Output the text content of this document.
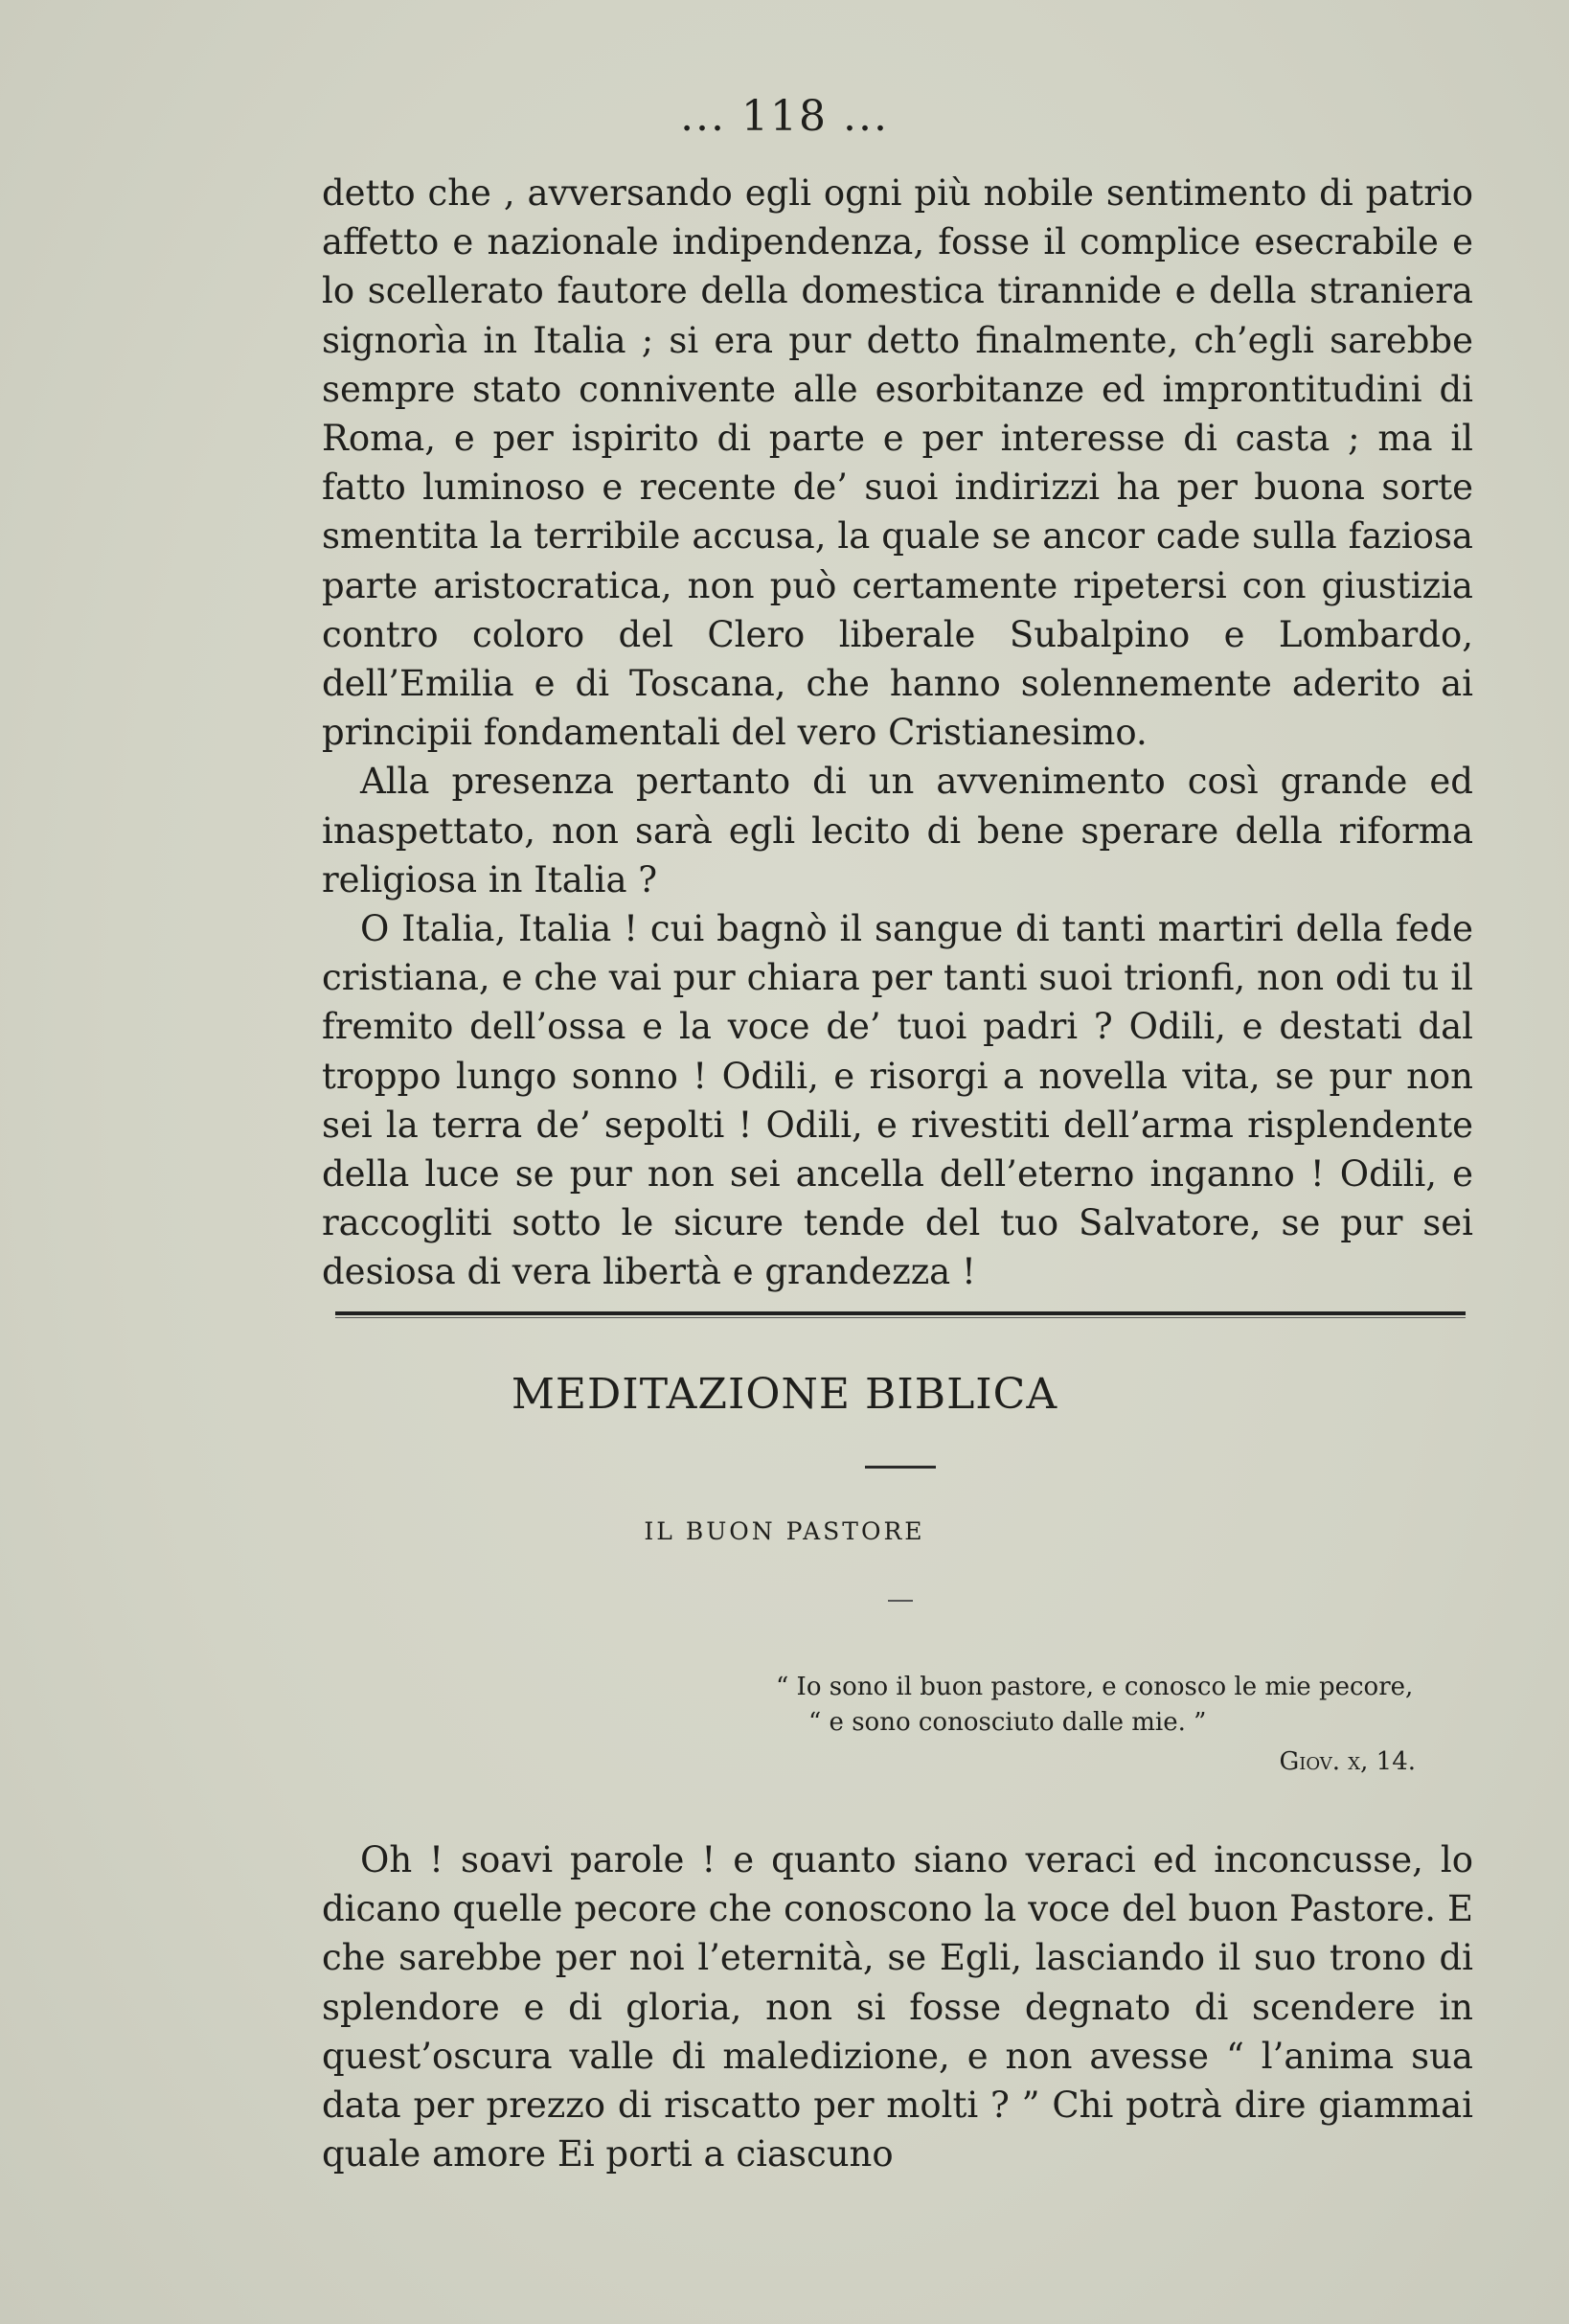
... 118 ...

detto che , avversando egli ogni più nobile sentimento di patrio affetto e nazionale indipendenza, fosse il complice esecrabile e lo scellerato fautore della domestica tirannide e della straniera signorìa in Italia ; si era pur detto finalmente, ch’egli sarebbe sempre stato connivente alle esorbitanze ed improntitudini di Roma, e per ispirito di parte e per interesse di casta ; ma il fatto luminoso e recente de’ suoi indirizzi ha per buona sorte smentita la terribile accusa, la quale se ancor cade sulla faziosa parte aristocratica, non può certamente ripetersi con giustizia contro coloro del Clero liberale Subalpino e Lombardo, dell’Emilia e di Toscana, che hanno solennemente aderito ai principii fondamentali del vero Cristianesimo.

Alla presenza pertanto di un avvenimento così grande ed inaspettato, non sarà egli lecito di bene sperare della riforma religiosa in Italia ?

O Italia, Italia ! cui bagnò il sangue di tanti martiri della fede cristiana, e che vai pur chiara per tanti suoi trionfi, non odi tu il fremito dell’ossa e la voce de’ tuoi padri ? Odili, e destati dal troppo lungo sonno ! Odili, e risorgi a novella vita, se pur non sei la terra de’ sepolti ! Odili, e rivestiti dell’arma risplendente della luce se pur non sei ancella dell’eterno inganno ! Odili, e raccogliti sotto le sicure tende del tuo Salvatore, se pur sei desiosa di vera libertà e grandezza !

MEDITAZIONE BIBLICA
IL BUON PASTORE
“ Io sono il buon pastore, e conosco le mie pecore,
“ e sono conosciuto dalle mie. ”
Giov. x, 14.

Oh ! soavi parole ! e quanto siano veraci ed inconcusse, lo dicano quelle pecore che conoscono la voce del buon Pastore. E che sarebbe per noi l’eternità, se Egli, lasciando il suo trono di splendore e di gloria, non si fosse degnato di scendere in quest’oscura valle di maledizione, e non avesse “ l’anima sua data per prezzo di riscatto per molti ? ” Chi potrà dire giammai quale amore Ei porti a ciascuno
